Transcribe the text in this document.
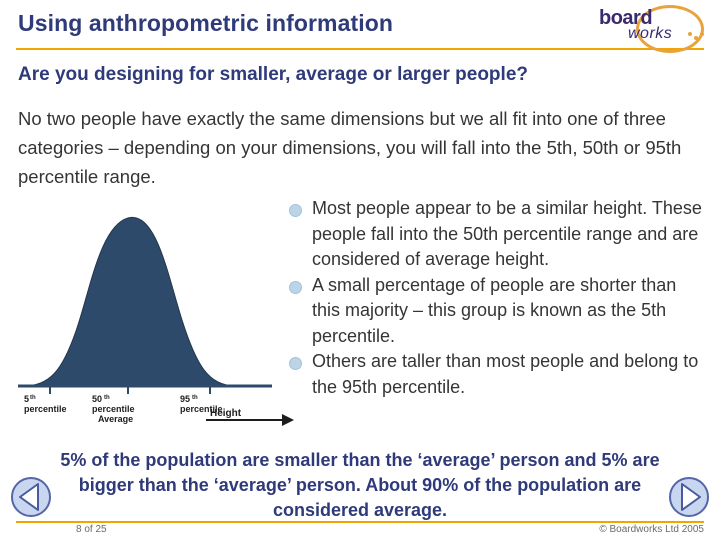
Using anthropometric information	board
works
Are you designing for smaller, average or larger people?
No two people have exactly the same dimensions but we all fit into one of three categories – depending on your dimensions, you will fall into the 5th, 50th or 95th percentile range.
5 th
percentile
50 th
percentile
Average
95 th
percentile
Height
Most people appear to be a similar height. These people fall into the 50th percentile range and are considered of average height.
A small percentage of people are shorter than this majority – this group is known as the 5th percentile.
Others are taller than most people and belong to the 95th percentile.
5% of the population are smaller than the ‘average’ person and 5% are bigger than the ‘average’ person. About 90% of the population are considered average.
8 of 25	© Boardworks Ltd 2005
